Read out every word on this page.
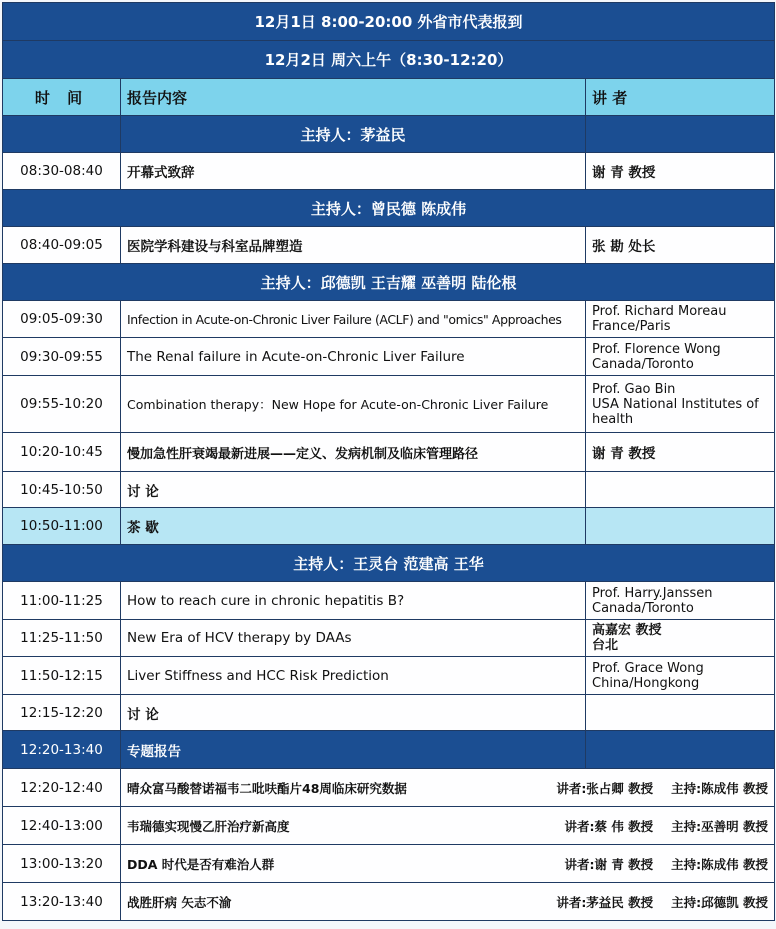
12月1日 8:00-20:00 外省市代表报到		
12月2日 周六上午（8:30-12:20）		
时 间	报告内容	讲 者
	主持人：茅益民	
08:30-08:40	开幕式致辞	谢 青 教授
主持人：曾民德 陈成伟		
08:40-09:05	医院学科建设与科室品牌塑造	张 勘 处长
主持人：邱德凯 王吉耀 巫善明 陆伦根		
09:05-09:30	Infection in Acute-on-Chronic Liver Failure (ACLF) and "omics" Approaches	Prof. Richard Moreau
France/Paris

09:30-09:55	The Renal failure in Acute-on-Chronic Liver Failure	Prof. Florence Wong
Canada/Toronto

09:55-10:20	Combination therapy：New Hope for Acute-on-Chronic Liver Failure	Prof. Gao Bin
USA National Institutes of
health

10:20-10:45	慢加急性肝衰竭最新进展——定义、发病机制及临床管理路径	谢 青 教授
10:45-10:50	讨 论	
10:50-11:00	茶 歇	
主持人：王灵台 范建高 王华		
11:00-11:25	How to reach cure in chronic hepatitis B?	Prof. Harry.Janssen
Canada/Toronto

11:25-11:50	New Era of HCV therapy by DAAs	高嘉宏 教授
台北

11:50-12:15	Liver Stiffness and HCC Risk Prediction	Prof. Grace Wong
China/Hongkong

12:15-12:20	讨 论	
12:20-13:40	专题报告	
12:20-12:40	晴众富马酸替诺福韦二吡呋酯片48周临床研究数据 讲者:张占卿 教授 主持:陈成伟 教授	

12:40-13:00	韦瑞德实现慢乙肝治疗新高度 讲者:蔡 伟 教授 主持:巫善明 教授	

13:00-13:20	DDA 时代是否有难治人群 讲者:谢 青 教授 主持:陈成伟 教授	

13:20-13:40	战胜肝病 矢志不渝 讲者:茅益民 教授 主持:邱德凯 教授	
